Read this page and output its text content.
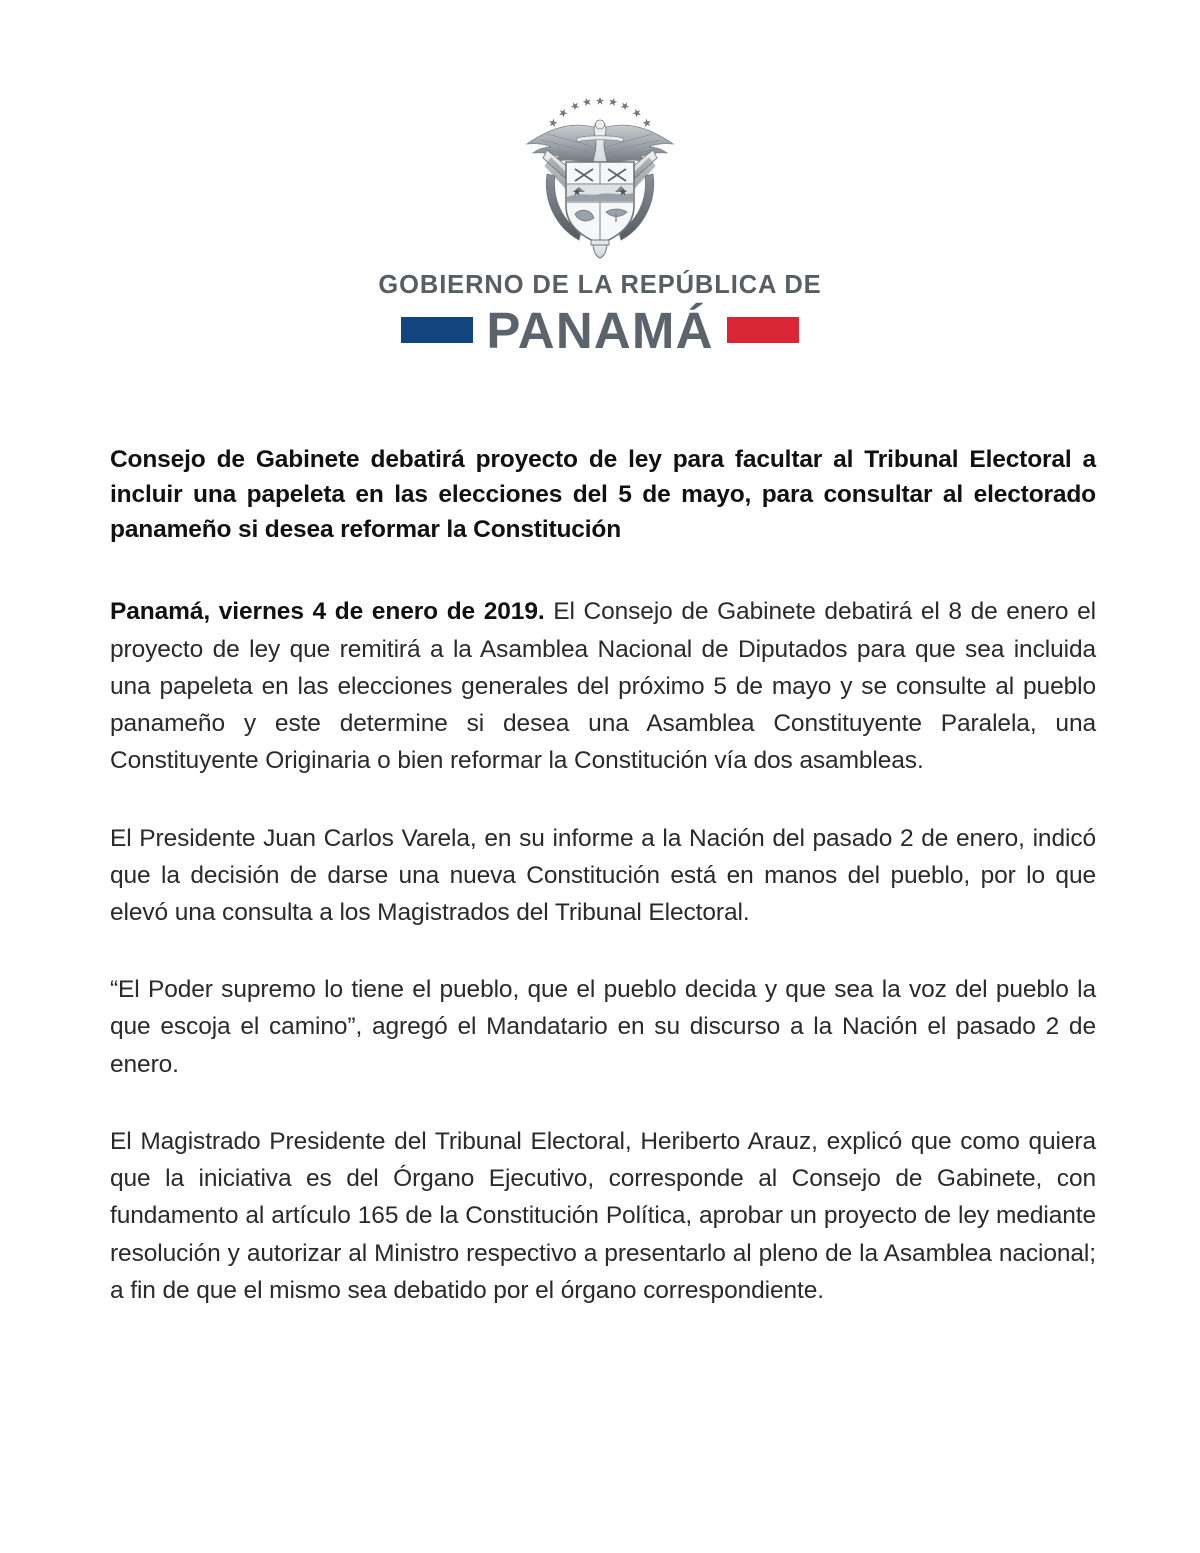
GOBIERNO DE LA REPÚBLICA DE
PANAMÁ
Consejo de Gabinete debatirá proyecto de ley para facultar al Tribunal Electoral a incluir una papeleta en las elecciones del 5 de mayo, para consultar al electorado panameño si desea reformar la Constitución

Panamá, viernes 4 de enero de 2019. El Consejo de Gabinete debatirá el 8 de enero el proyecto de ley que remitirá a la Asamblea Nacional de Diputados para que sea incluida una papeleta en las elecciones generales del próximo 5 de mayo y se consulte al pueblo panameño y este determine si desea una Asamblea Constituyente Paralela, una Constituyente Originaria o bien reformar la Constitución vía dos asambleas.

El Presidente Juan Carlos Varela, en su informe a la Nación del pasado 2 de enero, indicó que la decisión de darse una nueva Constitución está en manos del pueblo, por lo que elevó una consulta a los Magistrados del Tribunal Electoral.

“El Poder supremo lo tiene el pueblo, que el pueblo decida y que sea la voz del pueblo la que escoja el camino”, agregó el Mandatario en su discurso a la Nación el pasado 2 de enero.

El Magistrado Presidente del Tribunal Electoral, Heriberto Arauz, explicó que como quiera que la iniciativa es del Órgano Ejecutivo, corresponde al Consejo de Gabinete, con fundamento al artículo 165 de la Constitución Política, aprobar un proyecto de ley mediante resolución y autorizar al Ministro respectivo a presentarlo al pleno de la Asamblea nacional; a fin de que el mismo sea debatido por el órgano correspondiente.
